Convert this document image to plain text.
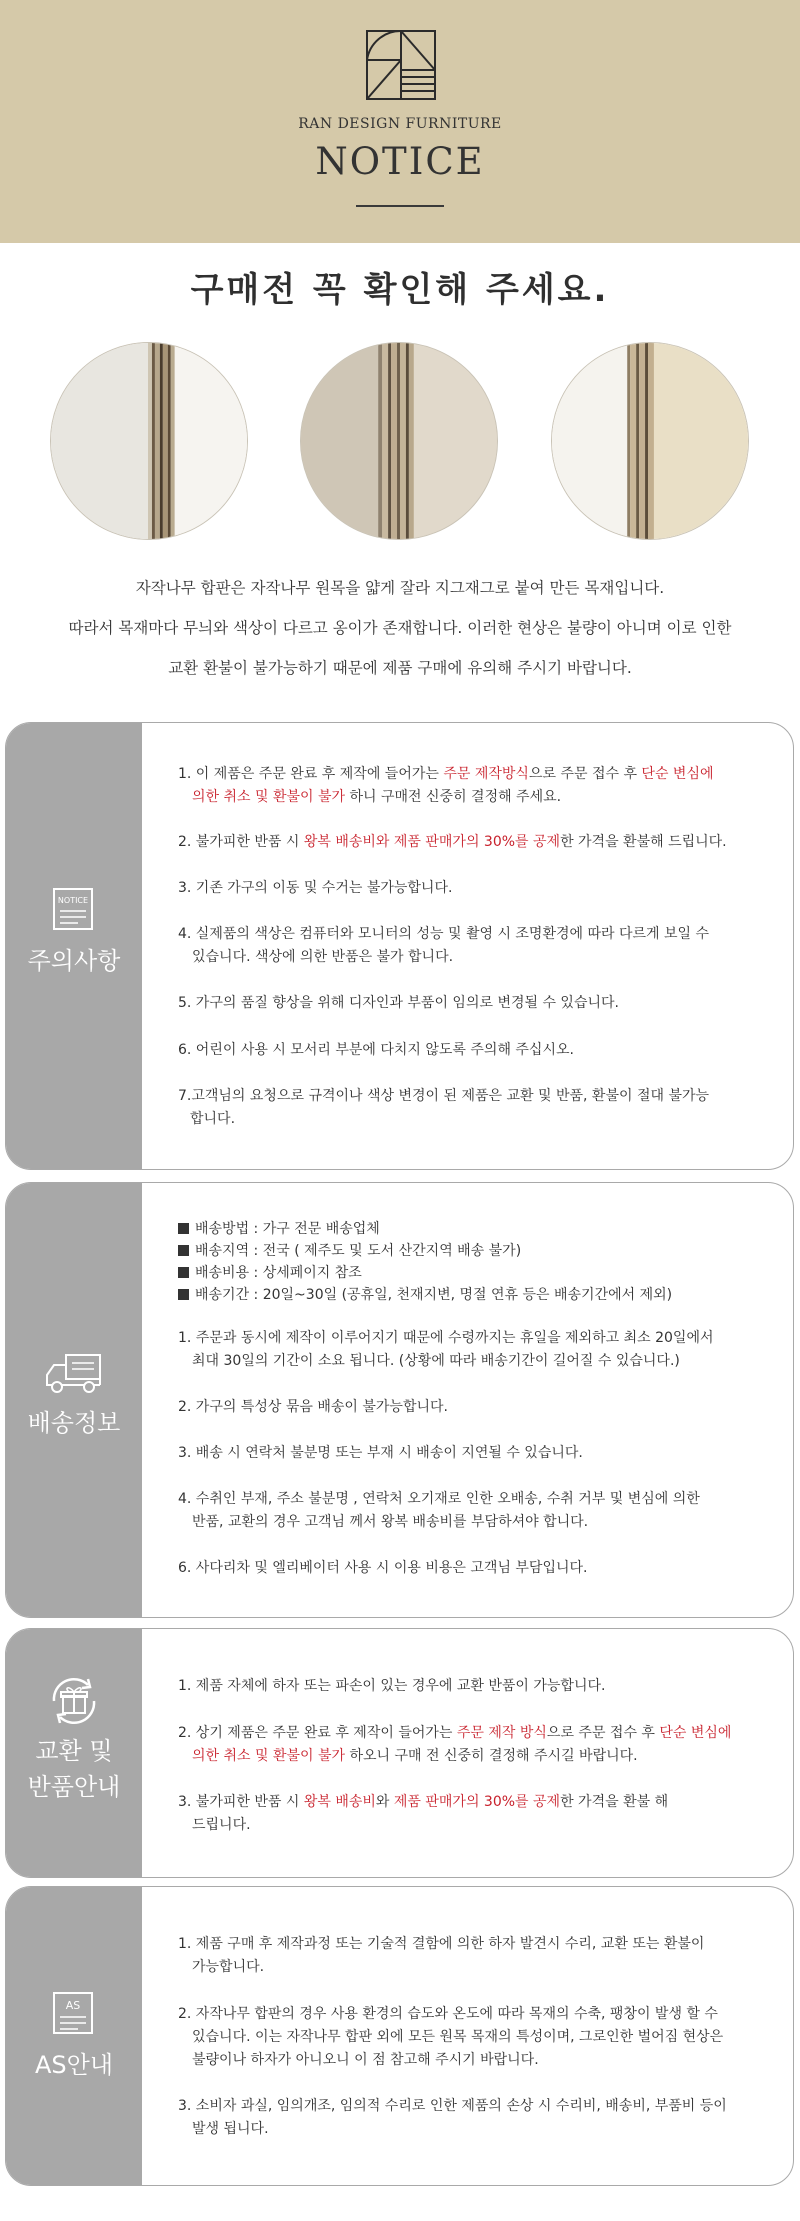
RAN DESIGN FURNITURE
NOTICE
구매전 꼭 확인해 주세요.
자작나무 합판은 자작나무 원목을 얇게 잘라 지그재그로 붙여 만든 목재입니다.
따라서 목재마다 무늬와 색상이 다르고 옹이가 존재합니다. 이러한 현상은 불량이 아니며 이로 인한
교환 환불이 불가능하기 때문에 제품 구매에 유의해 주시기 바랍니다.
NOTICE
주의사항
1. 이 제품은 주문 완료 후 제작에 들어가는 주문 제작방식으로 주문 접수 후 단순 변심에
의한 취소 및 환불이 불가 하니 구매전 신중히 결정해 주세요.
2. 불가피한 반품 시 왕복 배송비와 제품 판매가의 30%를 공제한 가격을 환불해 드립니다.
3. 기존 가구의 이동 및 수거는 불가능합니다.
4. 실제품의 색상은 컴퓨터와 모니터의 성능 및 촬영 시 조명환경에 따라 다르게 보일 수
있습니다. 색상에 의한 반품은 불가 합니다.
5. 가구의 품질 향상을 위해 디자인과 부품이 임의로 변경될 수 있습니다.
6. 어린이 사용 시 모서리 부분에 다치지 않도록 주의해 주십시오.
7.고객님의 요청으로 규격이나 색상 변경이 된 제품은 교환 및 반품, 환불이 절대 불가능
합니다.
배송정보
배송방법 : 가구 전문 배송업체
배송지역 : 전국 ( 제주도 및 도서 산간지역 배송 불가)
배송비용 : 상세페이지 참조
배송기간 : 20일~30일 (공휴일, 천재지변, 명절 연휴 등은 배송기간에서 제외)
1. 주문과 동시에 제작이 이루어지기 때문에 수령까지는 휴일을 제외하고 최소 20일에서
최대 30일의 기간이 소요 됩니다. (상황에 따라 배송기간이 길어질 수 있습니다.)
2. 가구의 특성상 묶음 배송이 불가능합니다.
3. 배송 시 연락처 불분명 또는 부재 시 배송이 지연될 수 있습니다.
4. 수취인 부재, 주소 불분명 , 연락처 오기재로 인한 오배송, 수취 거부 및 변심에 의한
반품, 교환의 경우 고객님 께서 왕복 배송비를 부담하셔야 합니다.
6. 사다리차 및 엘리베이터 사용 시 이용 비용은 고객님 부담입니다.
교환 및
반품안내
1. 제품 자체에 하자 또는 파손이 있는 경우에 교환 반품이 가능합니다.
2. 상기 제품은 주문 완료 후 제작이 들어가는 주문 제작 방식으로 주문 접수 후 단순 변심에
의한 취소 및 환불이 불가 하오니 구매 전 신중히 결정해 주시길 바랍니다.
3. 불가피한 반품 시 왕복 배송비와 제품 판매가의 30%를 공제한 가격을 환불 해
드립니다.
AS
AS안내
1. 제품 구매 후 제작과정 또는 기술적 결함에 의한 하자 발견시 수리, 교환 또는 환불이
가능합니다.
2. 자작나무 합판의 경우 사용 환경의 습도와 온도에 따라 목재의 수축, 팽창이 발생 할 수
있습니다. 이는 자작나무 합판 외에 모든 원목 목재의 특성이며, 그로인한 벌어짐 현상은
불량이나 하자가 아니오니 이 점 참고해 주시기 바랍니다.
3. 소비자 과실, 임의개조, 임의적 수리로 인한 제품의 손상 시 수리비, 배송비, 부품비 등이
발생 됩니다.
